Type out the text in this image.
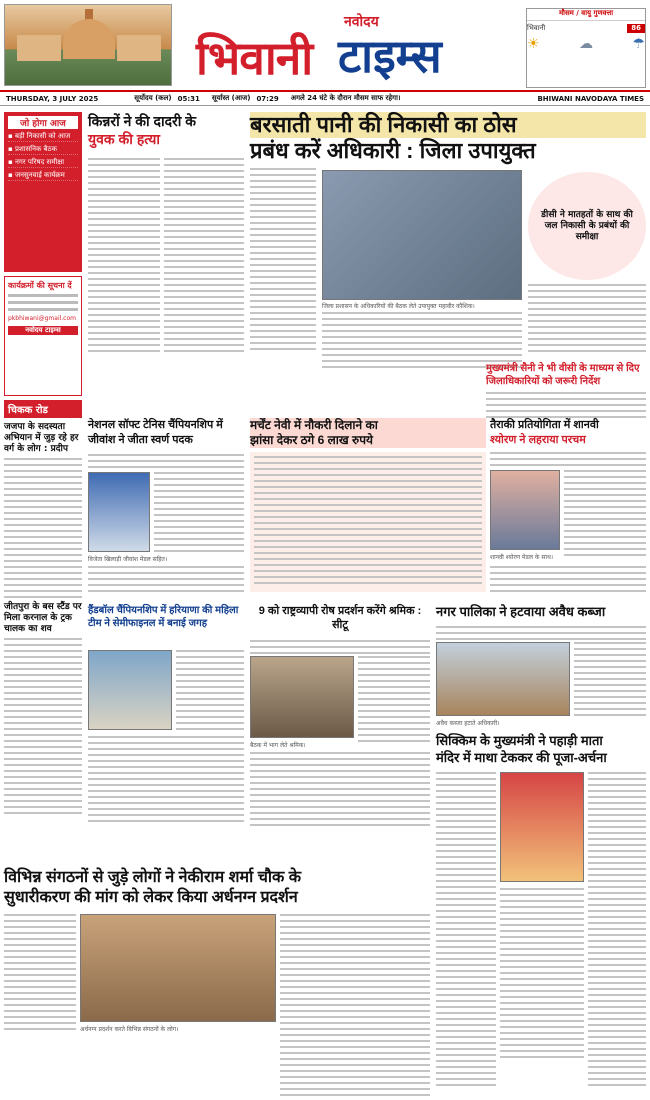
नवोदय
भिवानी टाइम्स
मौसम / वायु गुणवत्ता
भिवानी	86
☀	☁	☂
THURSDAY, 3 JULY 2025	सूर्योदय (कल) 05:31 सूर्यास्त (आज) 07:29 अगले 24 घंटे के दौरान मौसम साफ रहेगा।	BHIWANI NAVODAYA TIMES
जो होगा आज
▪ बड़ी निकासी को आज
▪ प्रशासनिक बैठक
▪ नगर परिषद समीक्षा
▪ जनसुनवाई कार्यक्रम
कार्यक्रमों की सूचना दें
pkbhiwani@gmail.com
नवोदय टाइम्स
चिकक रोड
जजपा के सदस्यता अभियान में जुड़ रहे हर वर्ग के लोग : प्रदीप
जीतपुरा के बस स्टैंड पर मिला करनाल के ट्रक चालक का शव
किन्नरों ने की दादरी के
युवक की हत्या
बरसाती पानी की निकासी का ठोस
प्रबंध करें अधिकारी : जिला उपायुक्त
जिला प्रशासन के अधिकारियों की बैठक लेते उपायुक्त महावीर कौशिक।
डीसी ने मातहतों के साथ की जल निकासी के प्रबंधों की समीक्षा
मुख्यमंत्री सैनी ने भी वीसी के माध्यम से दिए जिलाधिकारियों को जरूरी निर्देश
नेशनल सॉफ्ट टेनिस चैंपियनशिप में जीवांश ने जीता स्वर्ण पदक
विजेता खिलाड़ी जीवांश मेडल सहित।
मर्चेंट नेवी में नौकरी दिलाने का
झांसा देकर ठगे 6 लाख रुपये
तैराकी प्रतियोगिता में शानवी
श्योरण ने लहराया परचम
शानवी श्योरण मेडल के साथ।
हैंडबॉल चैंपियनशिप में हरियाणा की महिला टीम ने सेमीफाइनल में बनाई जगह
9 को राष्ट्रव्यापी रोष प्रदर्शन करेंगे श्रमिक : सीटू
बैठक में भाग लेते श्रमिक।
नगर पालिका ने हटवाया अवैध कब्जा
अवैध कब्जा हटाते अधिकारी।
सिक्किम के मुख्यमंत्री ने पहाड़ी माता
मंदिर में माथा टेककर की पूजा-अर्चना
विभिन्न संगठनों से जुड़े लोगों ने नेकीराम शर्मा चौक के
सुधारीकरण की मांग को लेकर किया अर्धनग्न प्रदर्शन
अर्धनग्न प्रदर्शन करते विभिन्न संगठनों के लोग।
